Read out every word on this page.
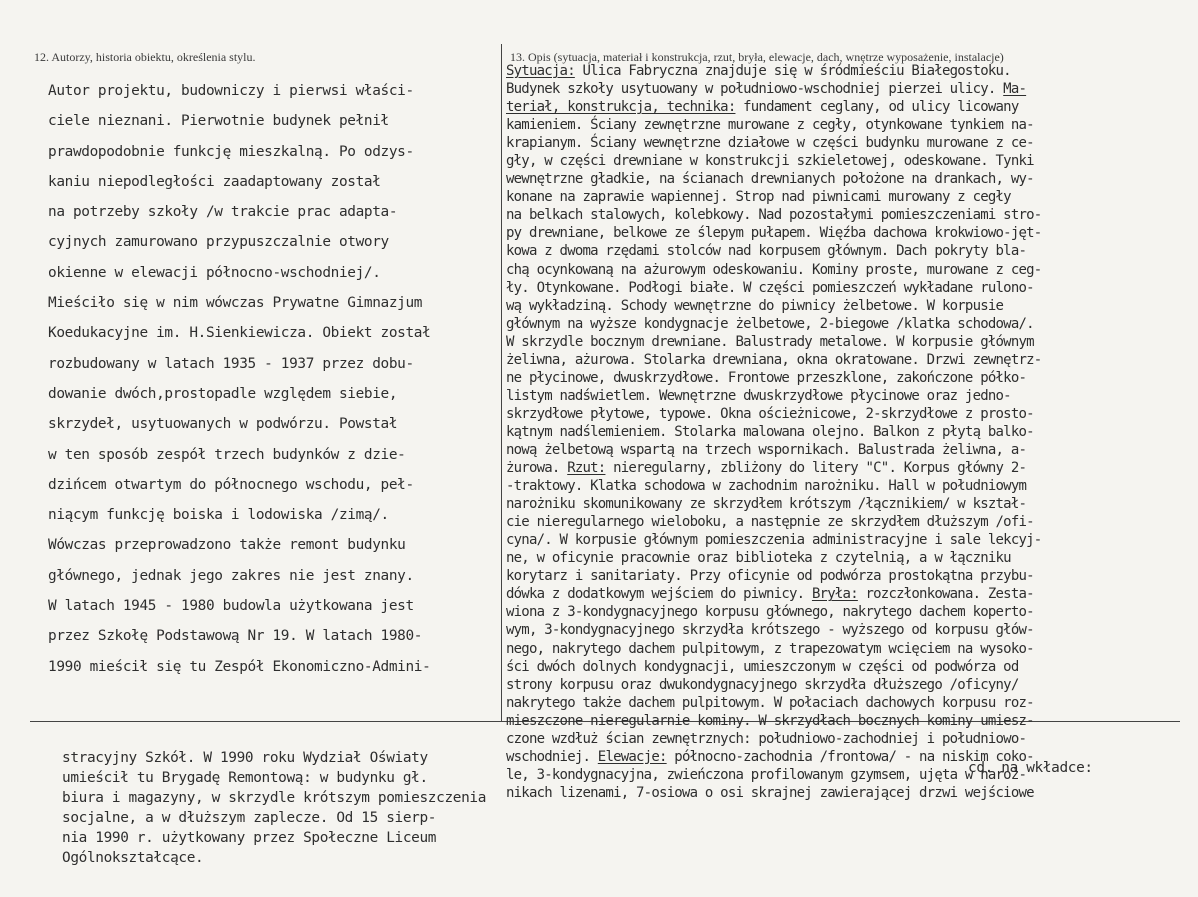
12. Autorzy, historia obiektu, określenia stylu.	13. Opis (sytuacja, materiał i konstrukcja, rzut, bryła, elewacje, dach, wnętrze wyposażenie, instalacje)
Autor projektu, budowniczy i pierwsi właści-
ciele nieznani. Pierwotnie budynek pełnił
prawdopodobnie funkcję mieszkalną. Po odzys-
kaniu niepodległości zaadaptowany został
na potrzeby szkoły /w trakcie prac adapta-
cyjnych zamurowano przypuszczalnie otwory
okienne w elewacji północno-wschodniej/.
Mieściło się w nim wówczas Prywatne Gimnazjum
Koedukacyjne im. H.Sienkiewicza. Obiekt został
rozbudowany w latach 1935 - 1937 przez dobu-
dowanie dwóch,prostopadle względem siebie,
skrzydeł, usytuowanych w podwórzu. Powstał
w ten sposób zespół trzech budynków z dzie-
dzińcem otwartym do północnego wschodu, peł-
niącym funkcję boiska i lodowiska /zimą/.
Wówczas przeprowadzono także remont budynku
głównego, jednak jego zakres nie jest znany.
W latach 1945 - 1980 budowla użytkowana jest
przez Szkołę Podstawową Nr 19. W latach 1980-
1990 mieścił się tu Zespół Ekonomiczno-Admini-
Sytuacja: Ulica Fabryczna znajduje się w śródmieściu Białegostoku.
Budynek szkoły usytuowany w południowo-wschodniej pierzei ulicy. Ma-
teriał, konstrukcja, technika: fundament ceglany, od ulicy licowany
kamieniem. Ściany zewnętrzne murowane z cegły, otynkowane tynkiem na-
krapianym. Ściany wewnętrzne działowe w części budynku murowane z ce-
gły, w części drewniane w konstrukcji szkieletowej, odeskowane. Tynki
wewnętrzne gładkie, na ścianach drewnianych położone na drankach, wy-
konane na zaprawie wapiennej. Strop nad piwnicami murowany z cegły
na belkach stalowych, kolebkowy. Nad pozostałymi pomieszczeniami stro-
py drewniane, belkowe ze ślepym pułapem. Więźba dachowa krokwiowo-jęt-
kowa z dwoma rzędami stolców nad korpusem głównym. Dach pokryty bla-
chą ocynkowaną na ażurowym odeskowaniu. Kominy proste, murowane z ceg-
ły. Otynkowane. Podłogi białe. W części pomieszczeń wykładane rulono-
wą wykładziną. Schody wewnętrzne do piwnicy żelbetowe. W korpusie
głównym na wyższe kondygnacje żelbetowe, 2-biegowe /klatka schodowa/.
W skrzydle bocznym drewniane. Balustrady metalowe. W korpusie głównym
żeliwna, ażurowa. Stolarka drewniana, okna okratowane. Drzwi zewnętrz-
ne płycinowe, dwuskrzydłowe. Frontowe przeszklone, zakończone półko-
listym nadświetlem. Wewnętrzne dwuskrzydłowe płycinowe oraz jedno-
skrzydłowe płytowe, typowe. Okna ościeżnicowe, 2-skrzydłowe z prosto-
kątnym nadślemieniem. Stolarka malowana olejno. Balkon z płytą balko-
nową żelbetową wspartą na trzech wspornikach. Balustrada żeliwna, a-
żurowa. Rzut: nieregularny, zbliżony do litery "C". Korpus główny 2-
-traktowy. Klatka schodowa w zachodnim narożniku. Hall w południowym
narożniku skomunikowany ze skrzydłem krótszym /łącznikiem/ w kształ-
cie nieregularnego wieloboku, a następnie ze skrzydłem dłuższym /ofi-
cyna/. W korpusie głównym pomieszczenia administracyjne i sale lekcyj-
ne, w oficynie pracownie oraz biblioteka z czytelnią, a w łączniku
korytarz i sanitariaty. Przy oficynie od podwórza prostokątna przybu-
dówka z dodatkowym wejściem do piwnicy. Bryła: rozczłonkowana. Zesta-
wiona z 3-kondygnacyjnego korpusu głównego, nakrytego dachem koperto-
wym, 3-kondygnacyjnego skrzydła krótszego - wyższego od korpusu głów-
nego, nakrytego dachem pulpitowym, z trapezowatym wcięciem na wysoko-
ści dwóch dolnych kondygnacji, umieszczonym w części od podwórza od
strony korpusu oraz dwukondygnacyjnego skrzydła dłuższego /oficyny/
nakrytego także dachem pulpitowym. W połaciach dachowych korpusu roz-
mieszczone nieregularnie kominy. W skrzydłach bocznych kominy umiesz-
czone wzdłuż ścian zewnętrznych: południowo-zachodniej i południowo-
wschodniej. Elewacje: północno-zachodnia /frontowa/ - na niskim coko-
le, 3-kondygnacyjna, zwieńczona profilowanym gzymsem, ujęta w naroż-
nikach lizenami, 7-osiowa o osi skrajnej zawierającej drzwi wejściowe
stracyjny Szkół. W 1990 roku Wydział Oświaty
umieścił tu Brygadę Remontową: w budynku gł.
biura i magazyny, w skrzydle krótszym pomieszczenia
socjalne, a w dłuższym zaplecze. Od 15 sierp-
nia 1990 r. użytkowany przez Społeczne Liceum
Ogólnokształcące.
cd. na wkładce:
